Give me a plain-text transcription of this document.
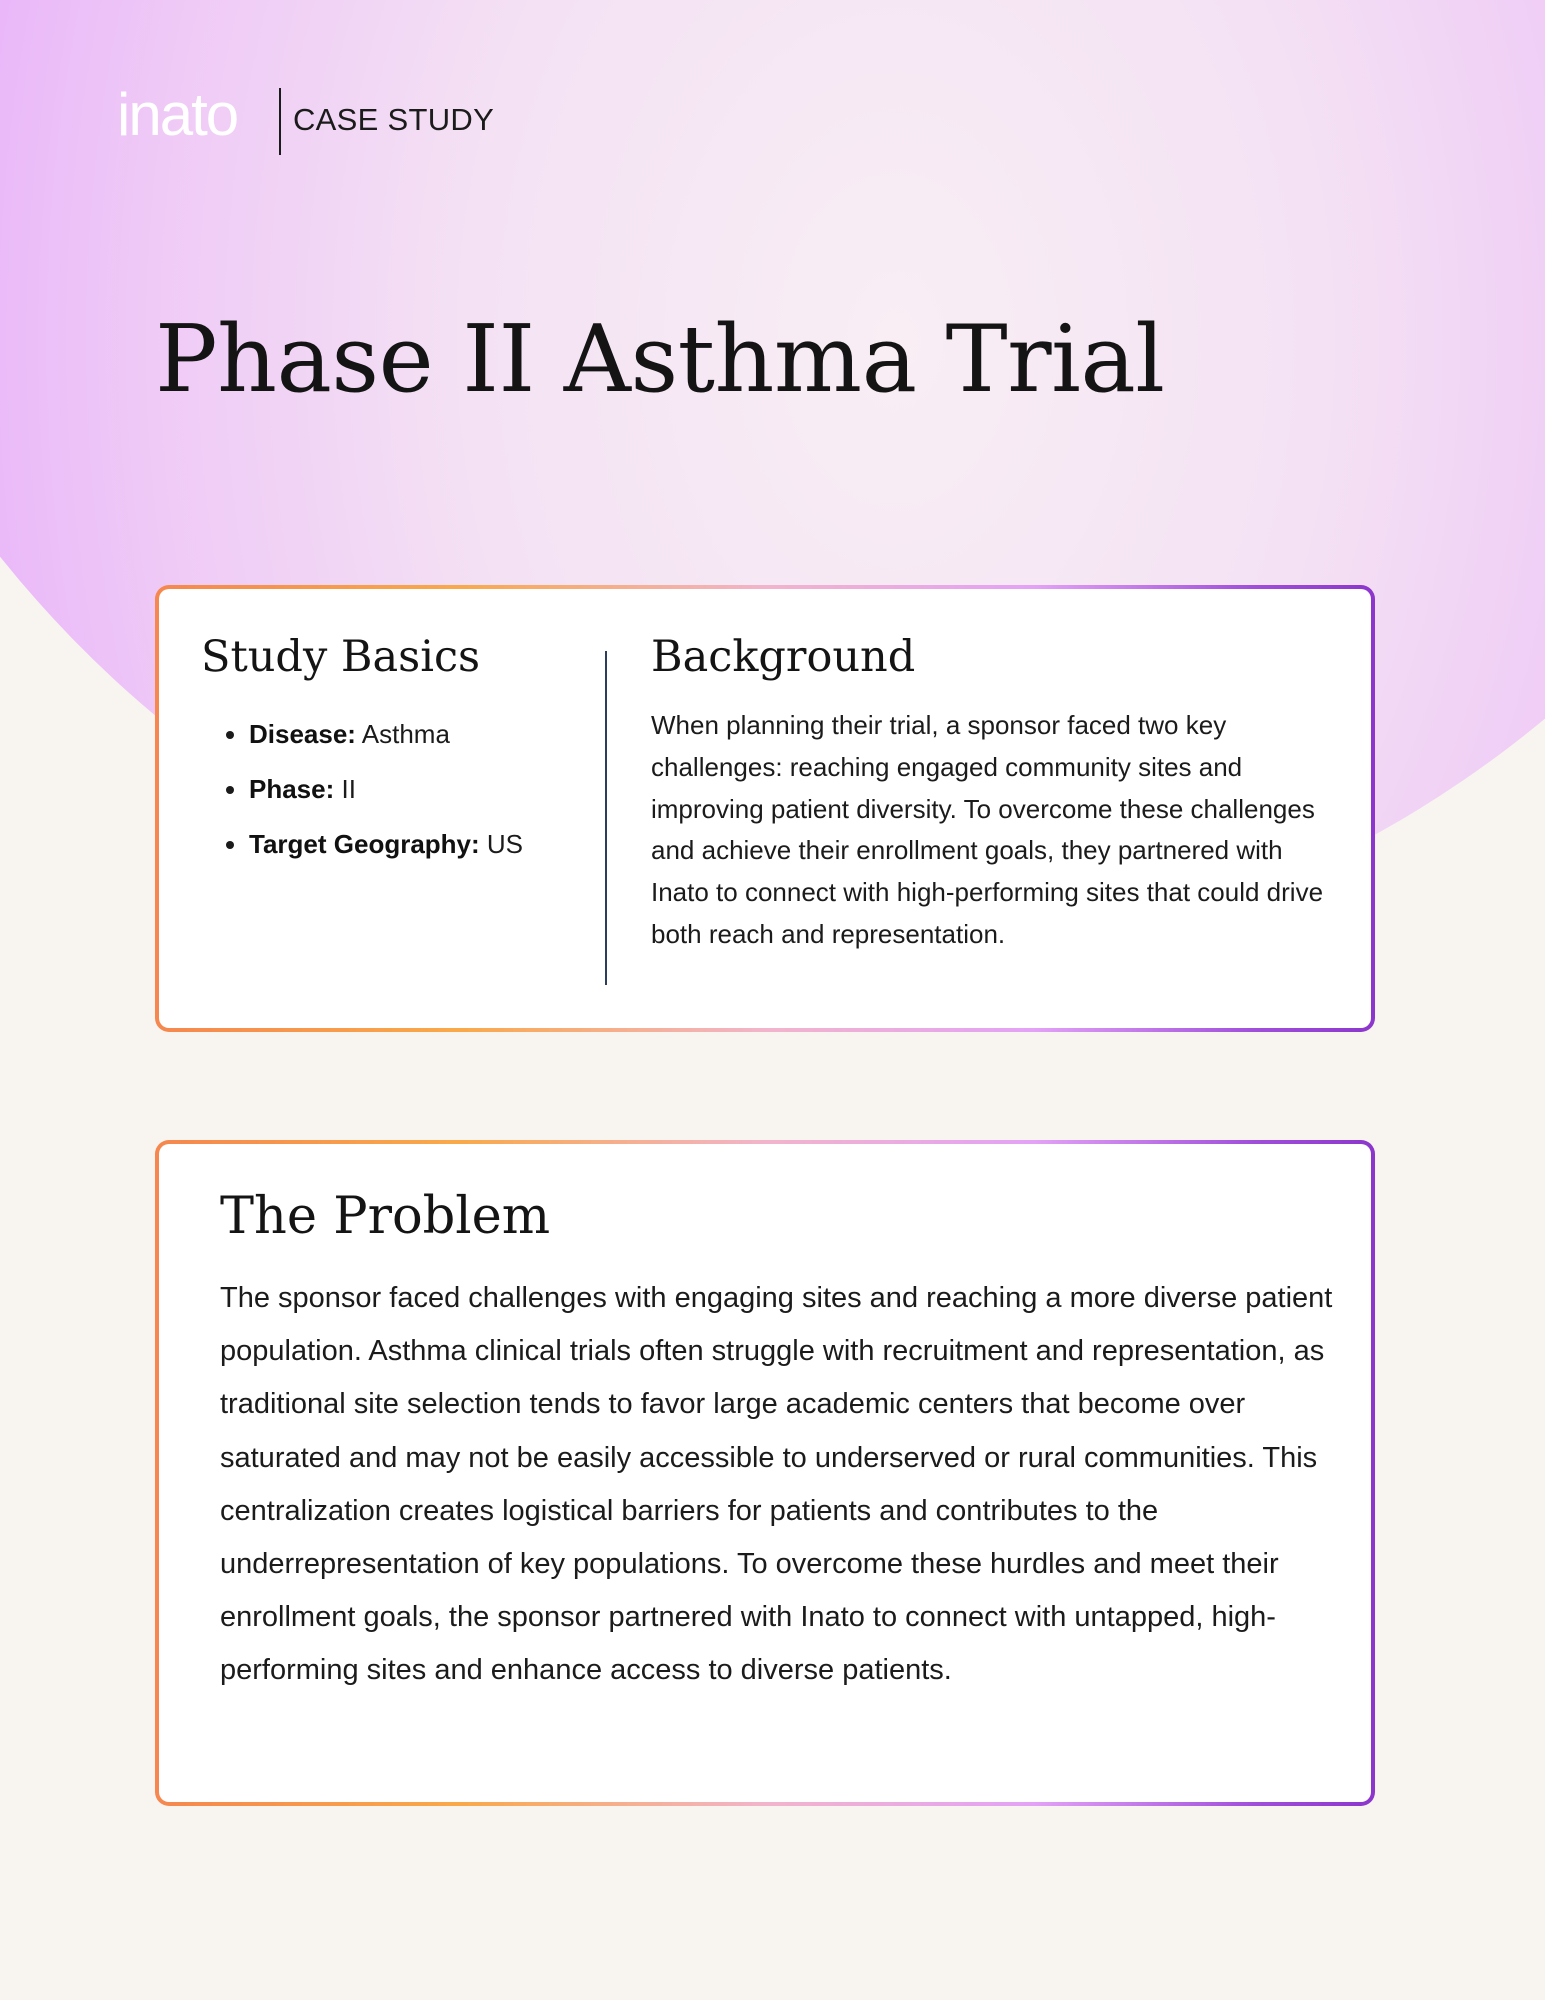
inato CASE STUDY
Phase II Asthma Trial
Study Basics
• Disease: Asthma
• Phase: II
• Target Geography: US
Background

When planning their trial, a sponsor faced two key challenges: reaching engaged community sites and improving patient diversity. To overcome these challenges and achieve their enrollment goals, they partnered with Inato to connect with high-performing sites that could drive both reach and representation.

The Problem

The sponsor faced challenges with engaging sites and reaching a more diverse patient population. Asthma clinical trials often struggle with recruitment and representation, as traditional site selection tends to favor large academic centers that become over saturated and may not be easily accessible to underserved or rural communities. This centralization creates logistical barriers for patients and contributes to the underrepresentation of key populations. To overcome these hurdles and meet their enrollment goals, the sponsor partnered with Inato to connect with untapped, high-performing sites and enhance access to diverse patients.
